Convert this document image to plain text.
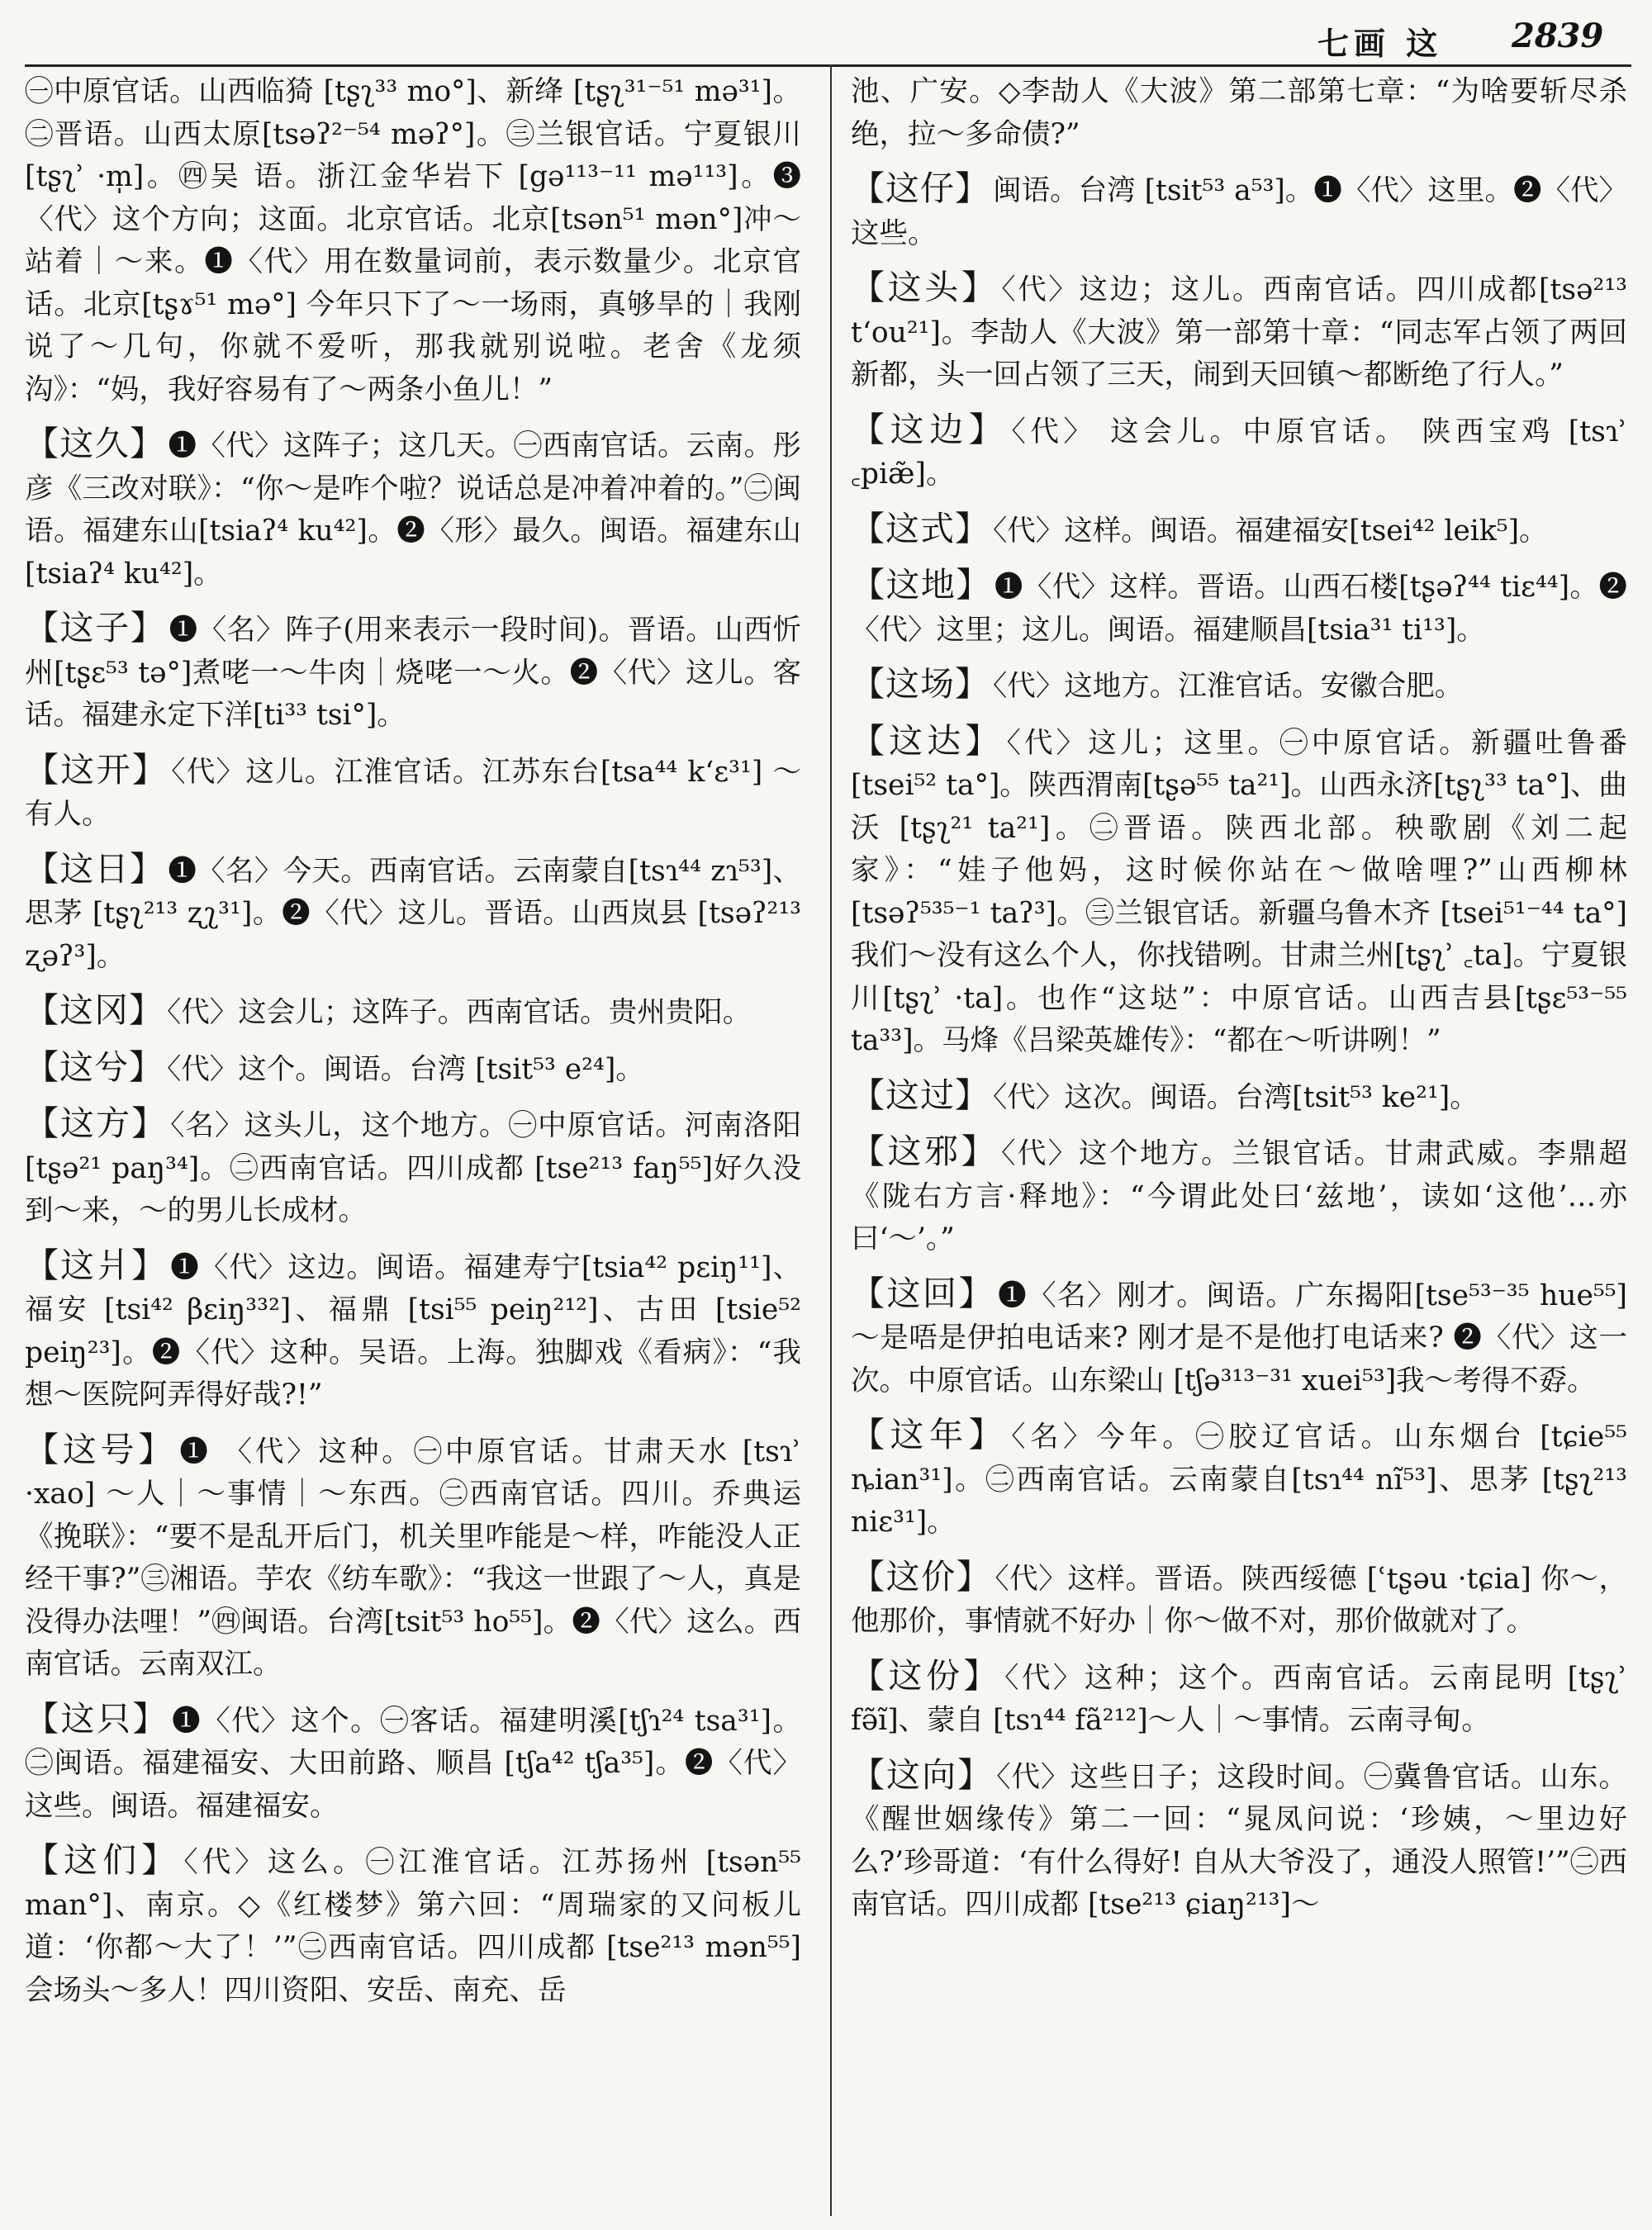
七画 这 2839

㊀中原官话。山西临猗 [tʂʅ³³ mo°]、新绛 [tʂʅ³¹⁻⁵¹ mə³¹]。㊁晋语。山西太原[tsəʔ²⁻⁵⁴ məʔ°]。㊂兰银官话。宁夏银川 [tʂʅʾ ·m̩]。㊃吴 语。浙江金华岩下 [gə¹¹³⁻¹¹ mə¹¹³]。❸〈代〉这个方向；这面。北京官话。北京[tsən⁵¹ mən°]冲～站着｜～来。❶〈代〉用在数量词前，表示数量少。北京官话。北京[tʂɤ⁵¹ mə°] 今年只下了～一场雨，真够旱的｜我刚说了～几句，你就不爱听，那我就别说啦。老舍《龙须沟》：“妈，我好容易有了～两条小鱼儿！”

【这久】 ❶〈代〉这阵子；这几天。㊀西南官话。云南。彤彦《三改对联》：“你～是咋个啦？说话总是冲着冲着的。”㊁闽语。福建东山[tsiaʔ⁴ ku⁴²]。❷〈形〉最久。闽语。福建东山 [tsiaʔ⁴ ku⁴²]。

【这子】 ❶〈名〉阵子(用来表示一段时间)。晋语。山西忻州[tʂɛ⁵³ tə°]煮咾一～牛肉｜烧咾一～火。❷〈代〉这儿。客话。福建永定下洋[ti³³ tsi°]。

【这开】 〈代〉这儿。江淮官话。江苏东台[tsa⁴⁴ k‘ɛ³¹] ～有人。

【这日】 ❶〈名〉今天。西南官话。云南蒙自[tsɿ⁴⁴ zɿ⁵³]、思茅 [tʂʅ²¹³ ʐʅ³¹]。❷〈代〉这儿。晋语。山西岚县 [tsəʔ²¹³ ʐəʔ³]。

【这冈】 〈代〉这会儿；这阵子。西南官话。贵州贵阳。

【这兮】 〈代〉这个。闽语。台湾 [tsit⁵³ e²⁴]。

【这方】 〈名〉这头儿，这个地方。㊀中原官话。河南洛阳[tʂə²¹ paŋ³⁴]。㊁西南官话。四川成都 [tse²¹³ faŋ⁵⁵]好久没到～来，～的男儿长成材。

【这爿】 ❶〈代〉这边。闽语。福建寿宁[tsia⁴² pɛiŋ¹¹]、福安 [tsi⁴² βɛiŋ³³²]、福鼎 [tsi⁵⁵ peiŋ²¹²]、古田 [tsie⁵² peiŋ²³]。❷〈代〉这种。吴语。上海。独脚戏《看病》：“我想～医院阿弄得好哉?!”

【这号】 ❶ 〈代〉这种。㊀中原官话。甘肃天水 [tsɿʾ ·xao] ～人｜～事情｜～东西。㊁西南官话。四川。乔典运《挽联》：“要不是乱开后门，机关里咋能是～样，咋能没人正经干事?”㊂湘语。芋农《纺车歌》：“我这一世跟了～人，真是没得办法哩！”㊃闽语。台湾[tsit⁵³ ho⁵⁵]。❷〈代〉这么。西南官话。云南双江。

【这只】 ❶〈代〉这个。㊀客话。福建明溪[tʃɿ²⁴ tsa³¹]。㊁闽语。福建福安、大田前路、顺昌 [tʃa⁴² tʃa³⁵]。❷〈代〉这些。闽语。福建福安。

【这们】 〈代〉这么。㊀江淮官话。江苏扬州 [tsən⁵⁵ man°]、南京。◇《红楼梦》第六回：“周瑞家的又问板儿道：‘你都～大了！’”㊁西南官话。四川成都 [tse²¹³ mən⁵⁵] 会场头～多人！四川资阳、安岳、南充、岳

池、广安。◇李劼人《大波》第二部第七章：“为啥要斩尽杀绝，拉～多命债?”

【这仔】 闽语。台湾 [tsit⁵³ a⁵³]。❶〈代〉这里。❷〈代〉这些。

【这头】 〈代〉这边；这儿。西南官话。四川成都[tsə²¹³ t‘ou²¹]。李劼人《大波》第一部第十章：“同志军占领了两回新都，头一回占领了三天，闹到天回镇～都断绝了行人。”

【这边】 〈代〉 这会儿。中原官话。 陕西宝鸡 [tsɿʾ ꜀piæ̃]。

【这式】 〈代〉这样。闽语。福建福安[tsei⁴² leik⁵]。

【这地】 ❶〈代〉这样。晋语。山西石楼[tʂəʔ⁴⁴ tiɛ⁴⁴]。❷〈代〉这里；这儿。闽语。福建顺昌[tsia³¹ ti¹³]。

【这场】 〈代〉这地方。江淮官话。安徽合肥。

【这达】 〈代〉这儿；这里。㊀中原官话。新疆吐鲁番 [tsei⁵² ta°]。陕西渭南[tʂə⁵⁵ ta²¹]。山西永济[tʂʅ³³ ta°]、曲沃 [tʂʅ²¹ ta²¹]。㊁晋语。陕西北部。秧歌剧《刘二起家》：“娃子他妈，这时候你站在～做啥哩?”山西柳林[tsəʔ⁵³⁵⁻¹ taʔ³]。㊂兰银官话。新疆乌鲁木齐 [tsei⁵¹⁻⁴⁴ ta°]我们～没有这么个人，你找错咧。甘肃兰州[tʂʅʾ ꜀ta]。宁夏银川[tʂʅʾ ·ta]。也作“这垯”：中原官话。山西吉县[tʂɛ⁵³⁻⁵⁵ ta³³]。马烽《吕梁英雄传》：“都在～听讲咧！”

【这过】 〈代〉这次。闽语。台湾[tsit⁵³ ke²¹]。

【这邪】 〈代〉这个地方。兰银官话。甘肃武威。李鼎超《陇右方言·释地》：“今谓此处曰‘兹地’，读如‘这他’…亦曰‘～’。”

【这回】 ❶〈名〉刚才。闽语。广东揭阳[tse⁵³⁻³⁵ hue⁵⁵] ～是唔是伊拍电话来? 刚才是不是他打电话来? ❷〈代〉这一次。中原官话。山东梁山 [tʃə³¹³⁻³¹ xuei⁵³]我～考得不孬。

【这年】 〈名〉今年。㊀胶辽官话。山东烟台 [tɕie⁵⁵ ȵian³¹]。㊁西南官话。云南蒙自[tsɿ⁴⁴ nĩ⁵³]、思茅 [tʂʅ²¹³ niɛ³¹]。

【这价】 〈代〉这样。晋语。陕西绥德 [ʿtʂəu ·tɕia] 你～，他那价，事情就不好办｜你～做不对，那价做就对了。

【这份】 〈代〉这种；这个。西南官话。云南昆明 [tʂʅʾ fə̃ĩ]、蒙自 [tsɿ⁴⁴ fã²¹²]～人｜～事情。云南寻甸。

【这向】 〈代〉这些日子；这段时间。㊀冀鲁官话。山东。《醒世姻缘传》第二一回：“晁凤问说：‘珍姨，～里边好么?’珍哥道：‘有什么得好! 自从大爷没了，通没人照管!’”㊁西南官话。四川成都 [tse²¹³ ɕiaŋ²¹³]～
